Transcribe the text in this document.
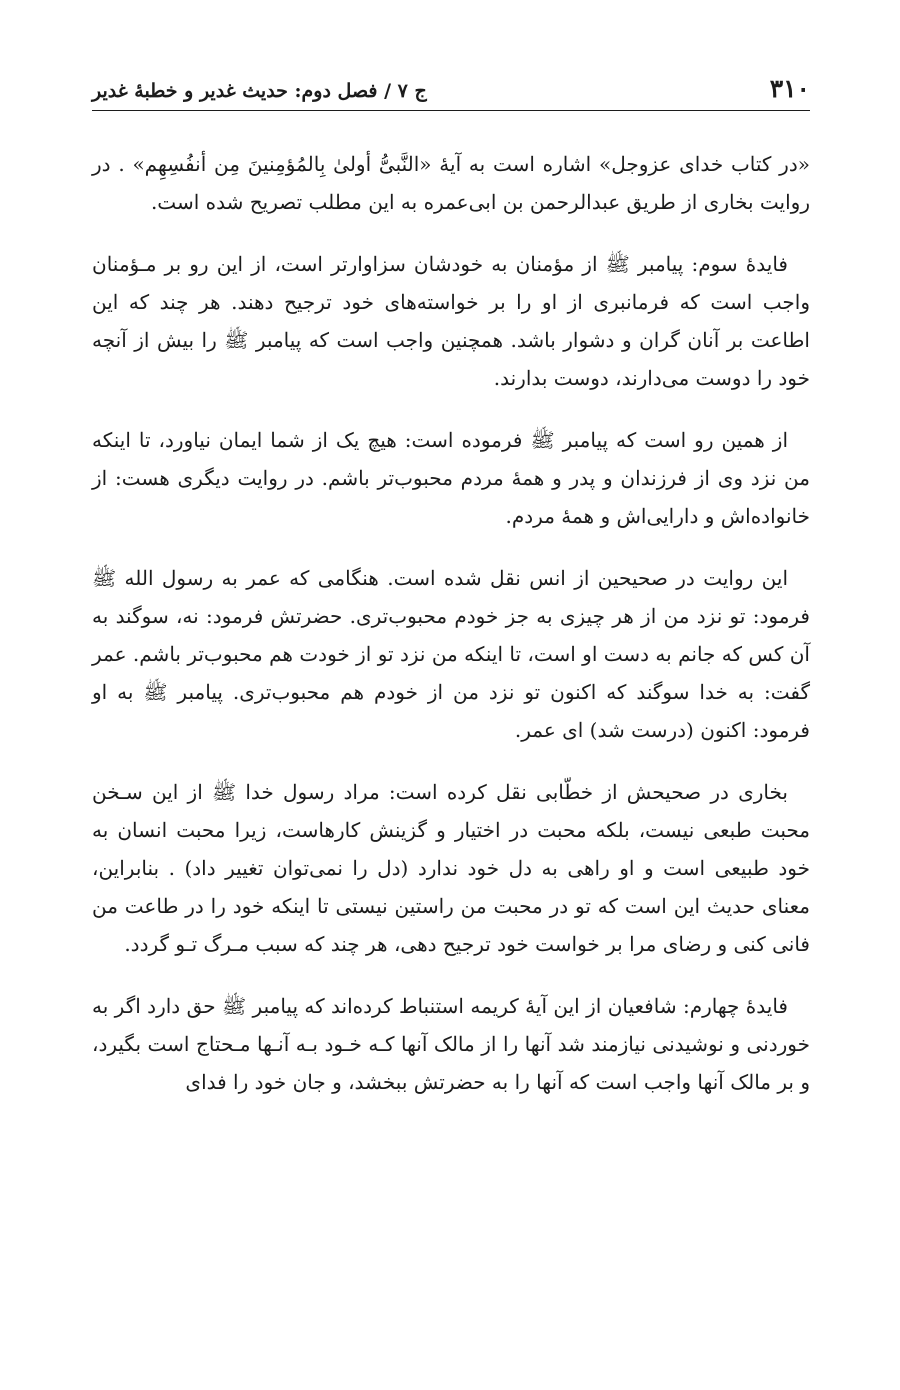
۳۱۰
ج ۷ / فصل دوم: حدیث غدیر و خطبهٔ غدیر

«در کتاب خدای عزوجل» اشاره است به آیهٔ «النَّبیُّ أولیٰ بِالمُؤمِنینَ مِن أنفُسِهِم» . در روایت بخاری از طریق عبدالرحمن بن ابی‌عمره به این مطلب تصریح شده است.

فایدهٔ سوم: پیامبر ﷺ از مؤمنان به خودشان سزاوارتر است، از این رو بر مـؤمنان واجب است که فرمانبری از او را بر خواسته‌های خود ترجیح دهند. هر چند که این اطاعت بر آنان گران و دشوار باشد. همچنین واجب است که پیامبر ﷺ را بیش از آنچه خود را دوست می‌دارند، دوست بدارند.

از همین رو است که پیامبر ﷺ فرموده است: هیچ یک از شما ایمان نیاورد، تا اینکه من نزد وی از فرزندان و پدر و همهٔ مردم محبوب‌تر باشم. در روایت دیگری هست: از خانواده‌اش و دارایی‌اش و همهٔ مردم.

این روایت در صحیحین از انس نقل شده است. هنگامی که عمر به رسول الله ﷺ فرمود: تو نزد من از هر چیزی به جز خودم محبوب‌تری. حضرتش فرمود: نه، سوگند به آن کس که جانم به دست او است، تا اینکه من نزد تو از خودت هم محبوب‌تر باشم. عمر گفت: به خدا سوگند که اکنون تو نزد من از خودم هم محبوب‌تری. پیامبر ﷺ به او فرمود: اکنون (درست شد) ای عمر.

بخاری در صحیحش از خطّابی نقل کرده است: مراد رسول خدا ﷺ از این سـخن محبت طبعی نیست، بلکه محبت در اختیار و گزینش کارهاست، زیرا محبت انسان به خود طبیعی است و او راهی به دل خود ندارد (دل را نمی‌توان تغییر داد) . بنابراین، معنای حدیث این است که تو در محبت من راستین نیستی تا اینکه خود را در طاعت من فانی کنی و رضای مرا بر خواست خود ترجیح دهی، هر چند که سبب مـرگ تـو گردد.

فایدهٔ چهارم: شافعیان از این آیهٔ کریمه استنباط کرده‌اند که پیامبر ﷺ حق دارد اگر به خوردنی و نوشیدنی نیازمند شد آنها را از مالک آنها کـه خـود بـه آنـها مـحتاج است بگیرد، و بر مالک آنها واجب است که آنها را به حضرتش ببخشد، و جان خود را فدای
